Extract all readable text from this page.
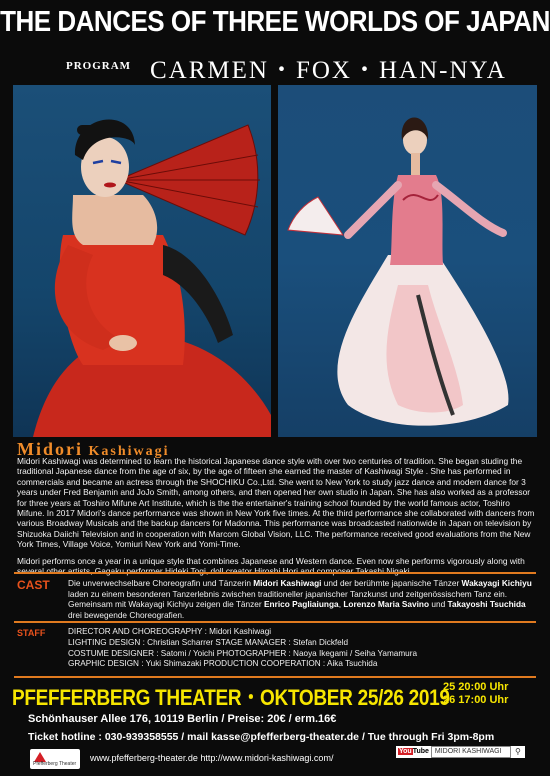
THE DANCES OF THREE WORLDS OF JAPAN
PROGRAM CARMEN・FOX・HAN-NYA
Midori Kashiwagi

Midori Kashiwagi was determined to learn the historical Japanese dance style with over two centuries of tradition. She began studing the traditional Japanese dance from the age of six, by the age of fifteen she earned the master of Kashiwagi Style . She has performed in commercials and became an actress through the SHOCHIKU Co.,Ltd. She went to New York to study jazz dance and modern dance for 3 years under Fred Benjamin and JoJo Smith, among others, and then opened her own studio in Japan. She has also worked as a professor for three years at Toshiro Mifune Art Institute, which is the the entertainer's training school founded by the world famous actor, Toshiro Mifune. In 2017 Midori's dance performance was shown in New York five times. At the third performance she collaborated with dancers from various Broadway Musicals and the backup dancers for Madonna. This performance was broadcasted nationwide in Japan on television by Shizuoka Daiichi Television and in cooperation with Marcom Global Vision, LLC. The performance received good evaluations from the New York Times, Village Voice, Yomiuri New York and Yomi-Time.

Midori performs once a year in a unique style that combines Japanese and Western dance. Even now she performs vigorously along with

CAST Die unverwechselbare Choreografin und Tänzerin Midori Kashiwagi und der berühmte japanische Tänzer Wakayagi Kichiyu laden zu einem besonderen Tanzerlebnis zwischen traditioneller japanischer Tanzkunst und zeitgenössischem Tanz ein. Gemeinsam mit Wakayagi Kichiyu zeigen die Tänzer Enrico Pagliaiunga, Lorenzo Maria Savino und Takayoshi Tsuchida drei bewegende Choreografien.
STAFF	DIRECTOR AND CHOREOGRAPHY : Midori Kashiwagi
LIGHTING DESIGN : Christian Scharrer STAGE MANAGER : Stefan Dickfeld
COSTUME DESIGNER : Satomi / Yoichi PHOTOGRAPHER : Naoya Ikegami / Seiha Yamamura
GRAPHIC DESIGN : Yuki Shimazaki PRODUCTION COOPERATION : Aika Tsuchida
PFEFFERBERG THEATER・OKTOBER 25/26 2019
25 20:00 Uhr
26 17:00 Uhr
Schönhauser Allee 176, 10119 Berlin / Preise: 20€ / erm.16€
Ticket hotline : 030-939358555 / mail kasse@pfefferberg-theater.de / Tue through Fri 3pm-8pm
Pfefferberg Theater
www.pfefferberg-theater.de http://www.midori-kashiwagi.com/
YouTube MIDORI KASHIWAGI	⚲
